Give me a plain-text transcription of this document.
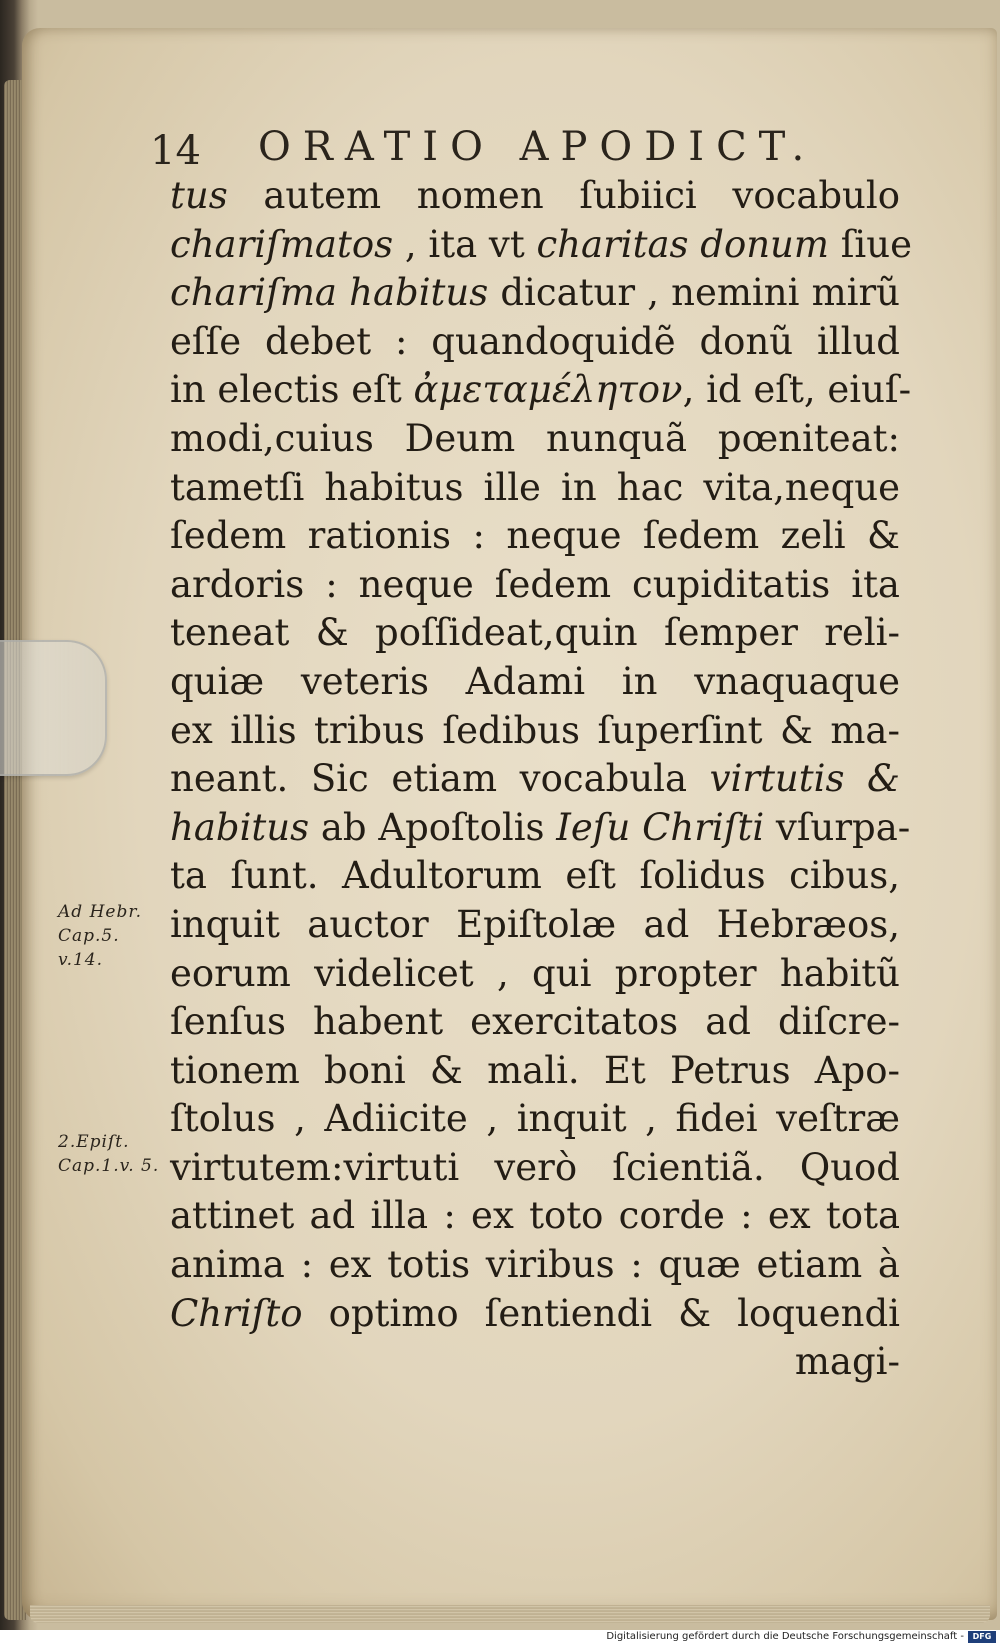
14 ORATIO APODICT.
tus autem nomen ſubiici vocabulo
chariſmatos , ita vt charitas donum ſiue
chariſma habitus dicatur , nemini mirũ
eſſe debet : quandoquidẽ donũ illud
in electis eſt ἀμεταμέλητον, id eſt, eiuſ-
modi,cuius Deum nunquã pœniteat:
tametſi habitus ille in hac vita,neque
ſedem rationis : neque ſedem zeli &
ardoris : neque ſedem cupiditatis ita
teneat & poſſideat,quin ſemper reli-
quiæ veteris Adami in vnaquaque
ex illis tribus ſedibus ſuperſint & ma-
neant. Sic etiam vocabula virtutis &
habitus ab Apoſtolis Ieſu Chriſti vſurpa-
ta ſunt. Adultorum eſt ſolidus cibus,
inquit auctor Epiſtolæ ad Hebræos,
eorum videlicet , qui propter habitũ
ſenſus habent exercitatos ad diſcre-
tionem boni & mali. Et Petrus Apo-
ſtolus , Adiicite , inquit , fidei veſtræ
virtutem:virtuti verò ſcientiã. Quod
attinet ad illa : ex toto corde : ex tota
anima : ex totis viribus : quæ etiam à
Chriſto optimo ſentiendi & loquendi
magi-
Ad Hebr.
Cap.5.
v.14.
2.Epiſt.
Cap.1.v. 5.
Digitalisierung gefördert durch die Deutsche Forschungsgemeinschaft -	DFG
